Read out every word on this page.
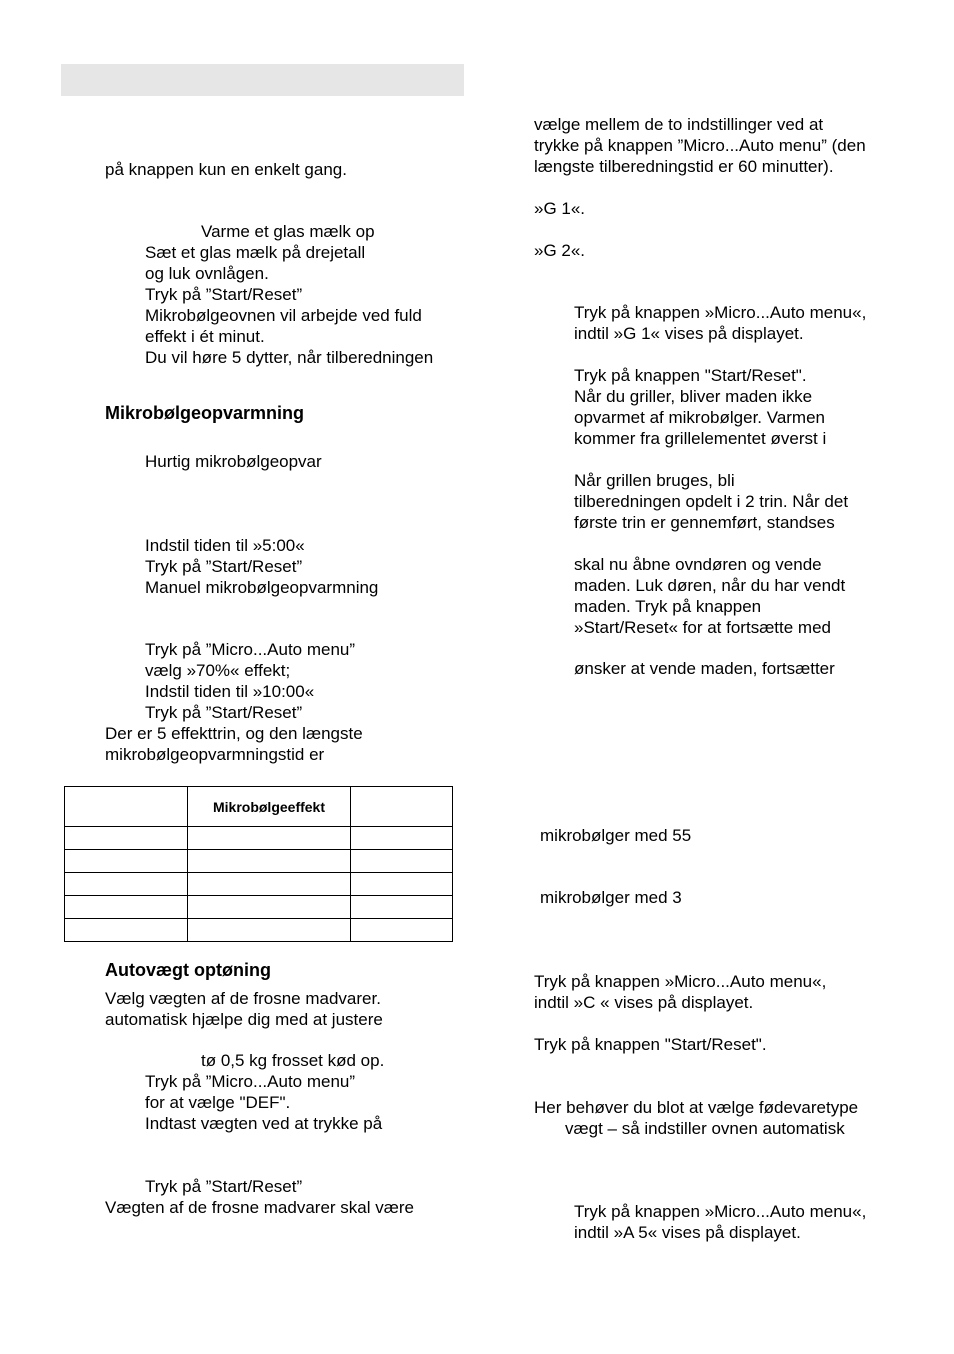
på knappen kun en enkelt gang.
Varme et glas mælk op
Sæt et glas mælk på drejetall
og luk ovnlågen.
Tryk på ”Start/Reset”
Mikrobølgeovnen vil arbejde ved fuld
effekt i ét minut.
Du vil høre 5 dytter, når tilberedningen
Mikrobølgeopvarmning
Hurtig mikrobølgeopvar
Indstil tiden til »5:00«
Tryk på ”Start/Reset”
Manuel mikrobølgeopvarmning
Tryk på ”Micro...Auto menu”
vælg »70%« effekt;
Indstil tiden til »10:00«
Tryk på ”Start/Reset”
Der er 5 effekttrin, og den længste
mikrobølgeopvarmningstid er
	Mikrobølgeeffekt	

Autovægt optøning
Vælg vægten af de frosne madvarer.
automatisk hjælpe dig med at justere
tø 0,5 kg frosset kød op.
Tryk på ”Micro...Auto menu”
for at vælge "DEF".
Indtast vægten ved at trykke på
Tryk på ”Start/Reset”
Vægten af de frosne madvarer skal være
vælge mellem de to indstillinger ved at
trykke på knappen ”Micro...Auto menu” (den
længste tilberedningstid er 60 minutter).
»G 1«.
»G 2«.
Tryk på knappen »Micro...Auto menu«,
indtil »G 1« vises på displayet.
Tryk på knappen "Start/Reset".
Når du griller, bliver maden ikke
opvarmet af mikrobølger. Varmen
kommer fra grillelementet øverst i
Når grillen bruges, bli
tilberedningen opdelt i 2 trin. Når det
første trin er gennemført, standses
skal nu åbne ovndøren og vende
maden. Luk døren, når du har vendt
maden. Tryk på knappen
»Start/Reset« for at fortsætte med
ønsker at vende maden, fortsætter
mikrobølger med 55
mikrobølger med 3
Tryk på knappen »Micro...Auto menu«,
indtil »C « vises på displayet.
Tryk på knappen "Start/Reset".
Her behøver du blot at vælge fødevaretype
vægt – så indstiller ovnen automatisk
Tryk på knappen »Micro...Auto menu«,
indtil »A 5« vises på displayet.
